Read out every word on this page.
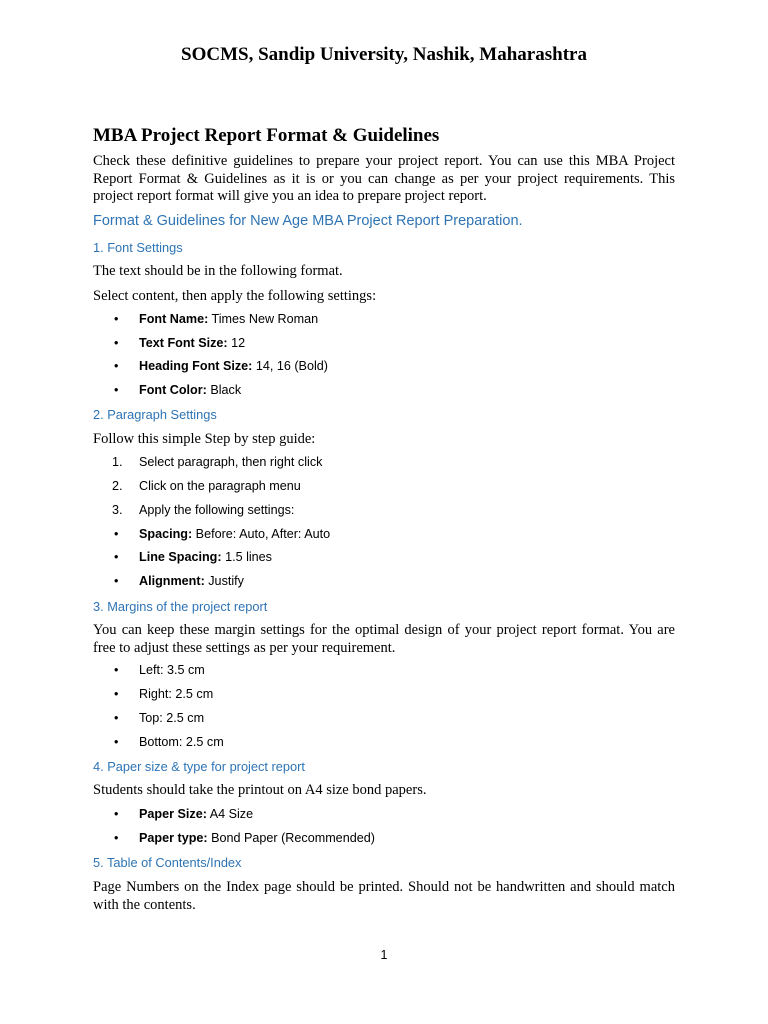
SOCMS, Sandip University, Nashik, Maharashtra
MBA Project Report Format & Guidelines

Check these definitive guidelines to prepare your project report. You can use this MBA Project Report Format & Guidelines as it is or you can change as per your project requirements. This project report format will give you an idea to prepare project report.

Format & Guidelines for New Age MBA Project Report Preparation.
1. Font Settings
The text should be in the following format.
Select content, then apply the following settings:
• Font Name: Times New Roman
• Text Font Size: 12
• Heading Font Size: 14, 16 (Bold)
• Font Color: Black
2. Paragraph Settings
Follow this simple Step by step guide:
1. Select paragraph, then right click
2. Click on the paragraph menu
3. Apply the following settings:
• Spacing: Before: Auto, After: Auto
• Line Spacing: 1.5 lines
• Alignment: Justify
3. Margins of the project report

You can keep these margin settings for the optimal design of your project report format. You are free to adjust these settings as per your requirement.

• Left: 3.5 cm
• Right: 2.5 cm
• Top: 2.5 cm
• Bottom: 2.5 cm
4. Paper size & type for project report
Students should take the printout on A4 size bond papers.
• Paper Size: A4 Size
• Paper type: Bond Paper (Recommended)
5. Table of Contents/Index

Page Numbers on the Index page should be printed. Should not be handwritten and should match with the contents.

1
